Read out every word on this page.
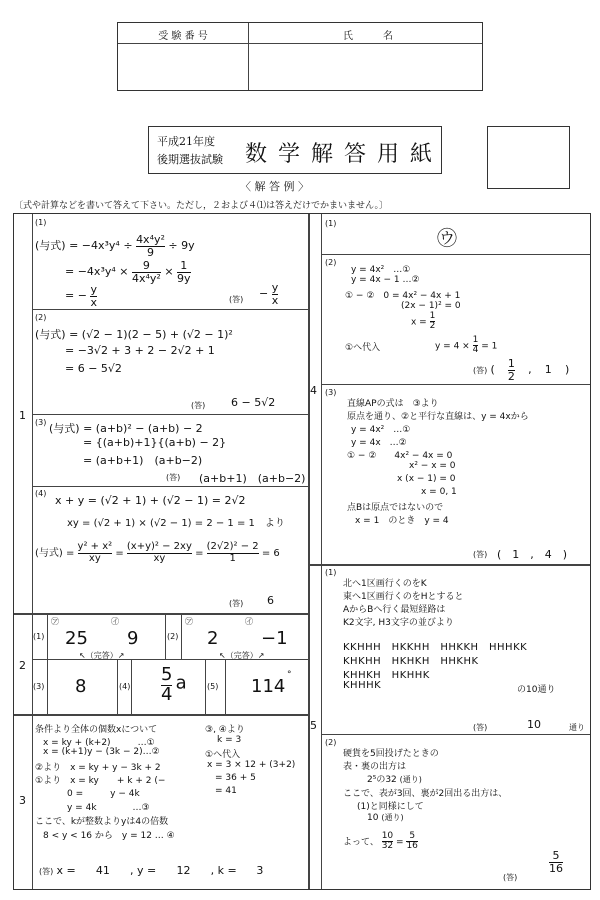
受 験 番 号	氏　　　名
平成21年度
後期選抜試験 数 学 解 答 用 紙
〈 解 答 例 〉
〔式や計算などを書いて答えて下さい。ただし，２および４⑴は答えだけでかまいません。〕
1
2
3
4
5
(1)
(与式) = $-4x^3y^4 \div \frac{\text{4x⁴y²}}{9} \div 9y$
= $-4x^3y^4 \times \frac{9}{\text{4x⁴y²}} \times \frac{1}{9y}$
= − $\frac{y}{x}$	(答) − $\frac{y}{x}$
(2)
(与式) = (√2 − 1)(2 − 5) + (√2 − 1)²
= −3√2 + 3 + 2 − 2√2 + 1
= 6 − 5√2
(答) 6 − 5√2
(3) (与式) = (a+b)² − (a+b) − 2
= {(a+b)+1}{(a+b) − 2}
= (a+b+1)　(a+b−2)
(答) (a+b+1)　(a+b−2)
(4)
x + y = (√2 + 1) + (√2 − 1) = 2√2
xy = (√2 + 1) × (√2 − 1) = 2 − 1 = 1　より
(与式) = $\frac{\text{y² + x²}}{xy} = \frac{\text{(x+y)² − 2xy}}{xy} = \frac{\text{(2√2)² − 2}}{1} = 6$
(答) 6
(1)
㋐	㋑
25 9
↖（完答）↗
(2)
㋐	㋑
2 −1
↖（完答）↗
(3) 8	$(4) \frac{5}{4}$ a	(5) 114
°
条件より全体の個数xについて
x = ky + (k+2)　　　…①
x = (k+1)y − (3k − 2)…②
②より　x = ky + y − 3k + 2
①より　x = ky　　+ k + 2 (−
0 =　　　y − 4k
y = 4k　　　　…③
ここで、kが整数よりyは4の倍数
8 < y < 16 から　y = 12 … ④
③, ④より
k = 3
①へ代入
x = 3 × 12 + (3+2)
= 36 + 5
= 41
(答) x = 41 , y = 12 , k = 3
(1)
㋒
(2)
y = 4x²　…①
y = 4x − 1 …②
① − ②　0 = 4x² − 4x + 1
(2x − 1)² = 0
$x = \frac{1}{2}$
①へ代入	$y = 4 \times \frac{1}{4} = 1$
(答) ( $\frac{1}{2}$ , 1 )
(3)
直線APの式は　③より
原点を通り、②と平行な直線は、y = 4xから
y = 4x²　…①
y = 4x　…②
① − ②　　4x² − 4x = 0
x² − x = 0
x (x − 1) = 0
x = 0, 1
点Bは原点ではないので
x = 1　のとき　y = 4
(答) (　1　,　4　)
(1)
北へ1区画行くのをK
東へ1区画行くのをHとすると
AからBへ行く最短経路は
K2文字, H3文字の並びより
KKHHH　HKKHH　HHKKH　HHHKK
KHKHH　HKHKH　HHKHK
KHHKH　HKHHK
KHHHK	の10通り
(答)	10	通り
(2)
硬貨を5回投げたときの
表・裏の出方は
2⁵の32 (通り)
ここで、表が3回、裏が2回出る出方は、
(1)と同様にして
10 (通り)
よって、 $\frac{10}{32} = \frac{5}{16}$
(答)
$\frac{5}{16}$
